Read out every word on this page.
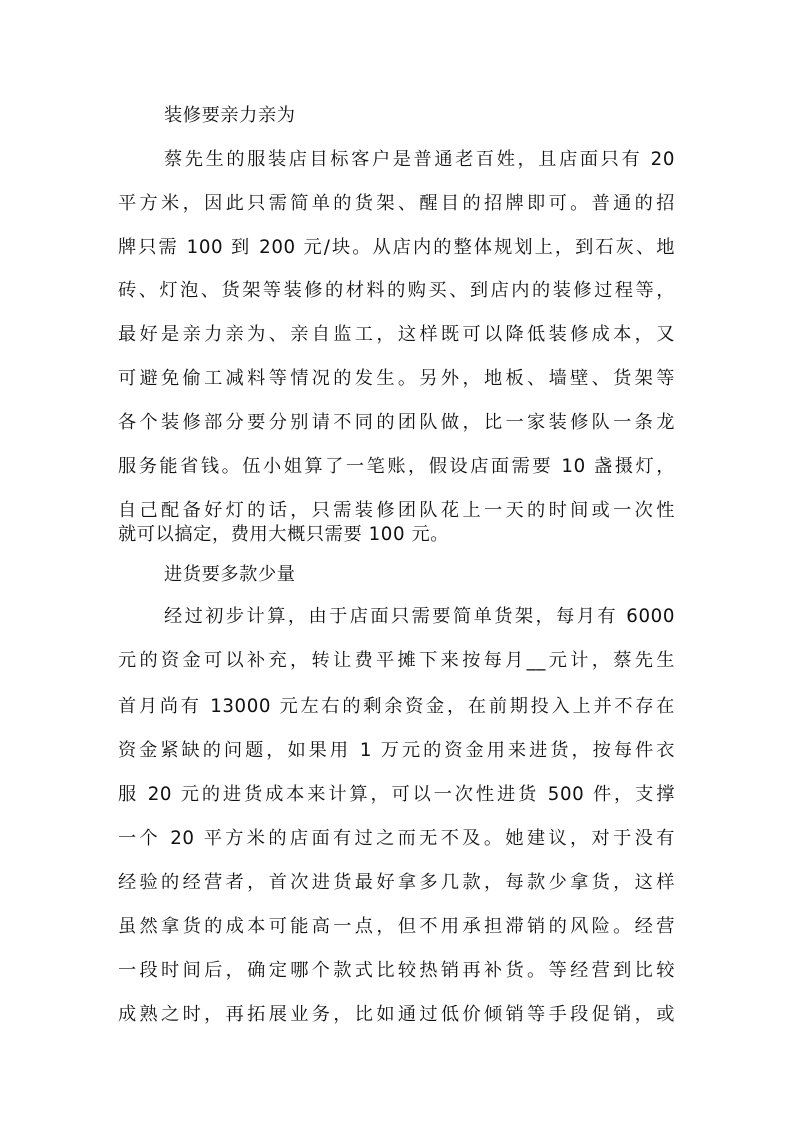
装修要亲力亲为
蔡先生的服装店目标客户是普通老百姓，且店面只有 20
平方米，因此只需简单的货架、醒目的招牌即可。普通的招
牌只需 100 到 200 元/块。从店内的整体规划上，到石灰、地
砖、灯泡、货架等装修的材料的购买、到店内的装修过程等，
最好是亲力亲为、亲自监工，这样既可以降低装修成本，又
可避免偷工减料等情况的发生。另外，地板、墙壁、货架等
各个装修部分要分别请不同的团队做，比一家装修队一条龙
服务能省钱。伍小姐算了一笔账，假设店面需要 10 盏摄灯，
自己配备好灯的话，只需装修团队花上一天的时间或一次性
就可以搞定，费用大概只需要 100 元。
进货要多款少量
经过初步计算，由于店面只需要简单货架，每月有 6000
元的资金可以补充，转让费平摊下来按每月__元计，蔡先生
首月尚有 13000 元左右的剩余资金，在前期投入上并不存在
资金紧缺的问题，如果用 1 万元的资金用来进货，按每件衣
服 20 元的进货成本来计算，可以一次性进货 500 件，支撑
一个 20 平方米的店面有过之而无不及。她建议，对于没有
经验的经营者，首次进货最好拿多几款，每款少拿货，这样
虽然拿货的成本可能高一点，但不用承担滞销的风险。经营
一段时间后，确定哪个款式比较热销再补货。等经营到比较
成熟之时，再拓展业务，比如通过低价倾销等手段促销，或
